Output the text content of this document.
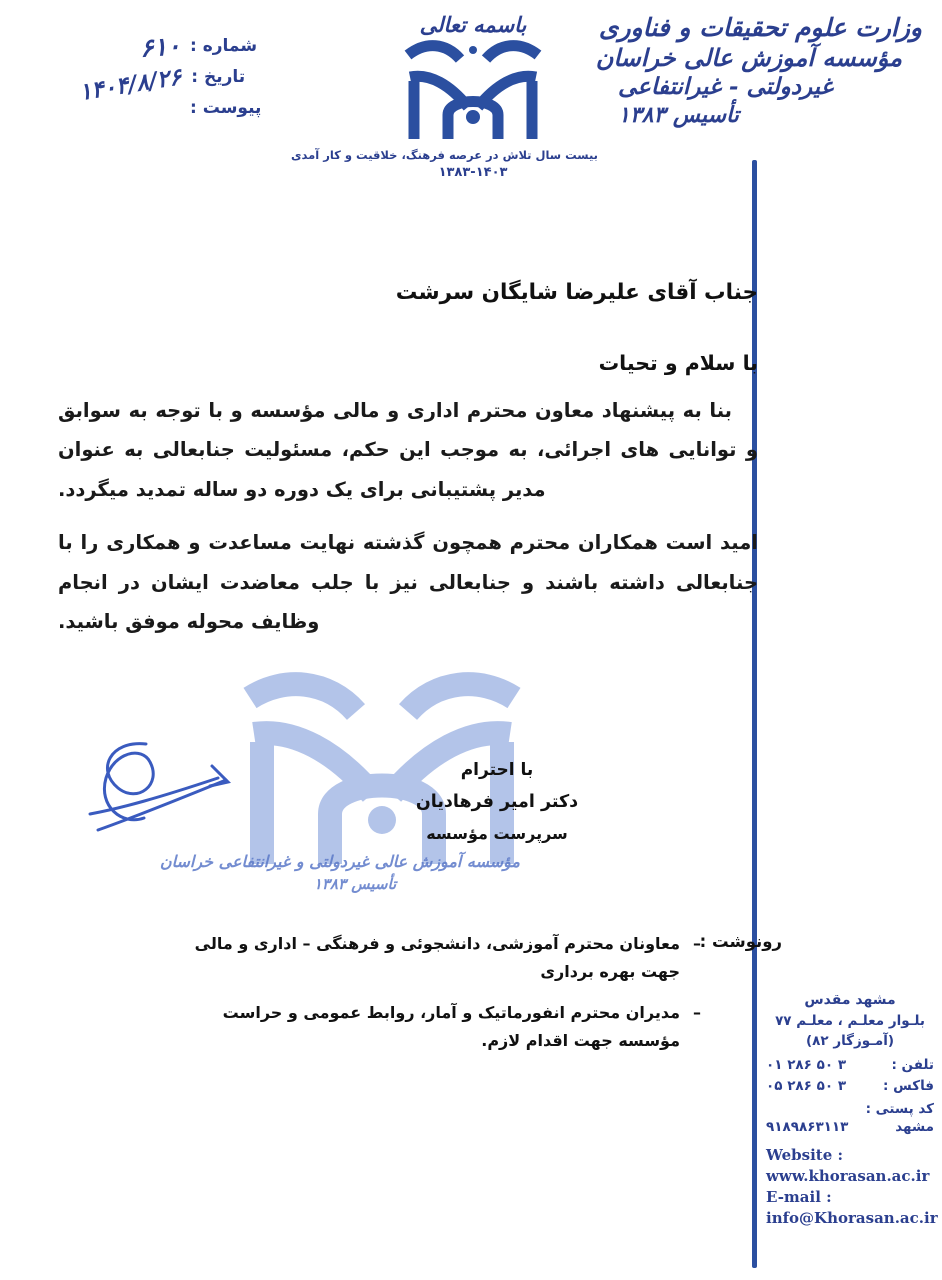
وزارت علوم تحقیقات و فناوری
مؤسسه آموزش عالی خراسان
غیردولتی - غیرانتفاعی
تأسیس ۱۳۸۳
باسمه تعالی
بیست سال تلاش در عرصه فرهنگ، خلاقیت و کار آمدی
۱۳۸۳-۱۴۰۳
شماره :
۶۱۰
تاریخ :
۱۴۰۴/۸/۲۶
پیوست :
جناب آقای علیرضا شایگان سرشت
با سلام و تحیات

بنا به پیشنهاد معاون محترم اداری و مالی مؤسسه و با توجه به سوابق و توانایی های اجرائی، به موجب این حکم، مسئولیت جنابعالی به عنوان مدیر پشتیبانی برای یک دوره دو ساله تمدید میگردد.

امید است همکاران محترم همچون گذشته نهایت مساعدت و همکاری را با جنابعالی داشته باشند و جنابعالی نیز با جلب معاضدت ایشان در انجام وظایف محوله موفق باشید.

مؤسسه آموزش عالی غیردولتی و غیرانتفاعی خراسان
تأسیس ۱۳۸۳
با احترام
دکتر امیر فرهادیان
سرپرست مؤسسه
رونوشت :
–
معاونان محترم آموزشی، دانشجوئی و فرهنگی – اداری و مالی جهت بهره برداری
–
مدیران محترم انفورماتیک و آمار، روابط عمومی و حراست مؤسسه جهت اقدام لازم.
مشهد مقدس
بلـوار معلـم ، معلـم ۷۷
(آمـوزگار ۸۲)
تلفن :
۳ ۵۰ ۲۸۶ ۰۱
فاکس :
۳ ۵۰ ۲۸۶ ۰۵
کد پستی :
مشهد
۹۱۸۹۸۶۳۱۱۳
Website :
www.khorasan.ac.ir
E-mail :
info@Khorasan.ac.ir
